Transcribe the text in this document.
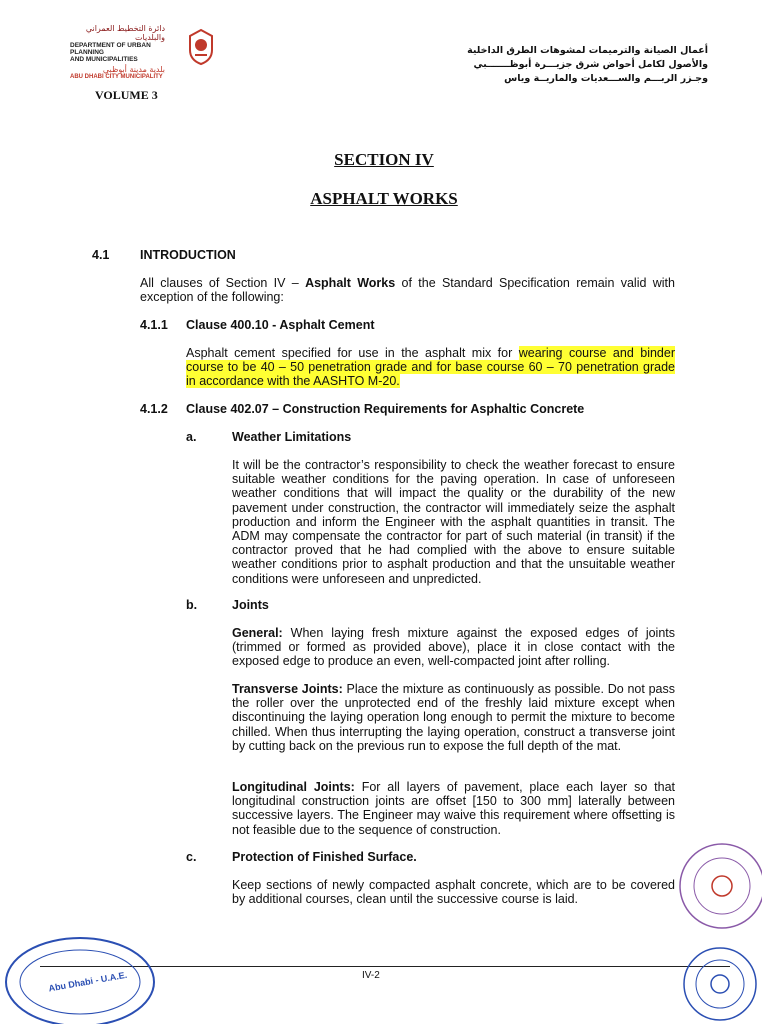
دائرة التخطيط العمراني والبلديات
DEPARTMENT OF URBAN PLANNING
AND MUNICIPALITIES
بلدية مدينة أبوظبي
ABU DHABI CITY MUNICIPALITY
VOLUME 3
أعمال الصيانة والترميمات لمشوهات الطرق الداخلية
والأصول لكامل أحواض شرق جزيـــرة أبوظـــــــبي
وجـزر الربـــم والســـعديات والماريــة وياس
SECTION IV
ASPHALT WORKS
4.1 INTRODUCTION
All clauses of Section IV – Asphalt Works of the Standard Specification remain valid with exception of the following:
4.1.1 Clause 400.10 - Asphalt Cement
Asphalt cement specified for use in the asphalt mix for wearing course and binder course to be 40 – 50 penetration grade and for base course 60 – 70 penetration grade in accordance with the AASHTO M-20.
4.1.2 Clause 402.07 – Construction Requirements for Asphaltic Concrete
a.	Weather Limitations
It will be the contractor’s responsibility to check the weather forecast to ensure suitable weather conditions for the paving operation. In case of unforeseen weather conditions that will impact the quality or the durability of the new pavement under construction, the contractor will immediately seize the asphalt production and inform the Engineer with the asphalt quantities in transit. The ADM may compensate the contractor for part of such material (in transit) if the contractor proved that he had complied with the above to ensure suitable weather conditions prior to asphalt production and that the unsuitable weather conditions were unforeseen and unpredicted.
b.	Joints
General: When laying fresh mixture against the exposed edges of joints (trimmed or formed as provided above), place it in close contact with the exposed edge to produce an even, well-compacted joint after rolling.
Transverse Joints: Place the mixture as continuously as possible. Do not pass the roller over the unprotected end of the freshly laid mixture except when discontinuing the laying operation long enough to permit the mixture to become chilled. When thus interrupting the laying operation, construct a transverse joint by cutting back on the previous run to expose the full depth of the mat.
Longitudinal Joints: For all layers of pavement, place each layer so that longitudinal construction joints are offset [150 to 300 mm] laterally between successive layers. The Engineer may waive this requirement where offsetting is not feasible due to the sequence of construction.
c.	Protection of Finished Surface.
Keep sections of newly compacted asphalt concrete, which are to be covered by additional courses, clean until the successive course is laid.
IV-2
Abu Dhabi - U.A.E.
